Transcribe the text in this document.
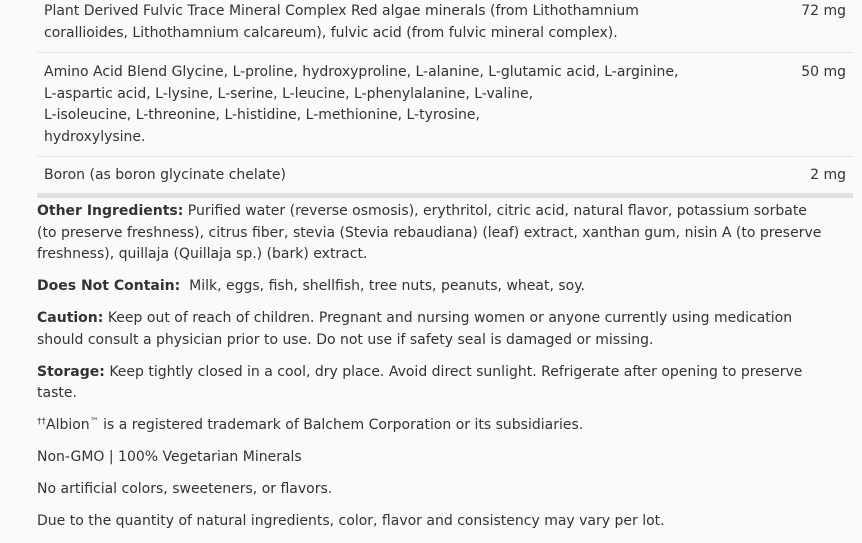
Plant Derived Fulvic Trace Mineral Complex Red algae minerals (from Lithothamnium corallioides, Lithothamnium calcareum), fulvic acid (from fulvic mineral complex).
72 mg
Amino Acid Blend Glycine, L-proline, hydroxyproline, L-alanine, L-glutamic acid, L-arginine,
L-aspartic acid, L-lysine, L-serine, L-leucine, L-phenylalanine, L-valine,
L-isoleucine, L-threonine, L-histidine, L-methionine, L-tyrosine,
hydroxylysine.
50 mg
Boron (as boron glycinate chelate)	2 mg

Other Ingredients: Purified water (reverse osmosis), erythritol, citric acid, natural flavor, potassium sorbate (to preserve freshness), citrus fiber, stevia (Stevia rebaudiana) (leaf) extract, xanthan gum, nisin A (to preserve freshness), quillaja (Quillaja sp.) (bark) extract.

Does Not Contain: Milk, eggs, fish, shellfish, tree nuts, peanuts, wheat, soy.

Caution: Keep out of reach of children. Pregnant and nursing women or anyone currently using medication should consult a physician prior to use. Do not use if safety seal is damaged or missing.

Storage: Keep tightly closed in a cool, dry place. Avoid direct sunlight. Refrigerate after opening to preserve taste.

††Albion™ is a registered trademark of Balchem Corporation or its subsidiaries.

Non-GMO | 100% Vegetarian Minerals

No artificial colors, sweeteners, or flavors.

Due to the quantity of natural ingredients, color, flavor and consistency may vary per lot.
